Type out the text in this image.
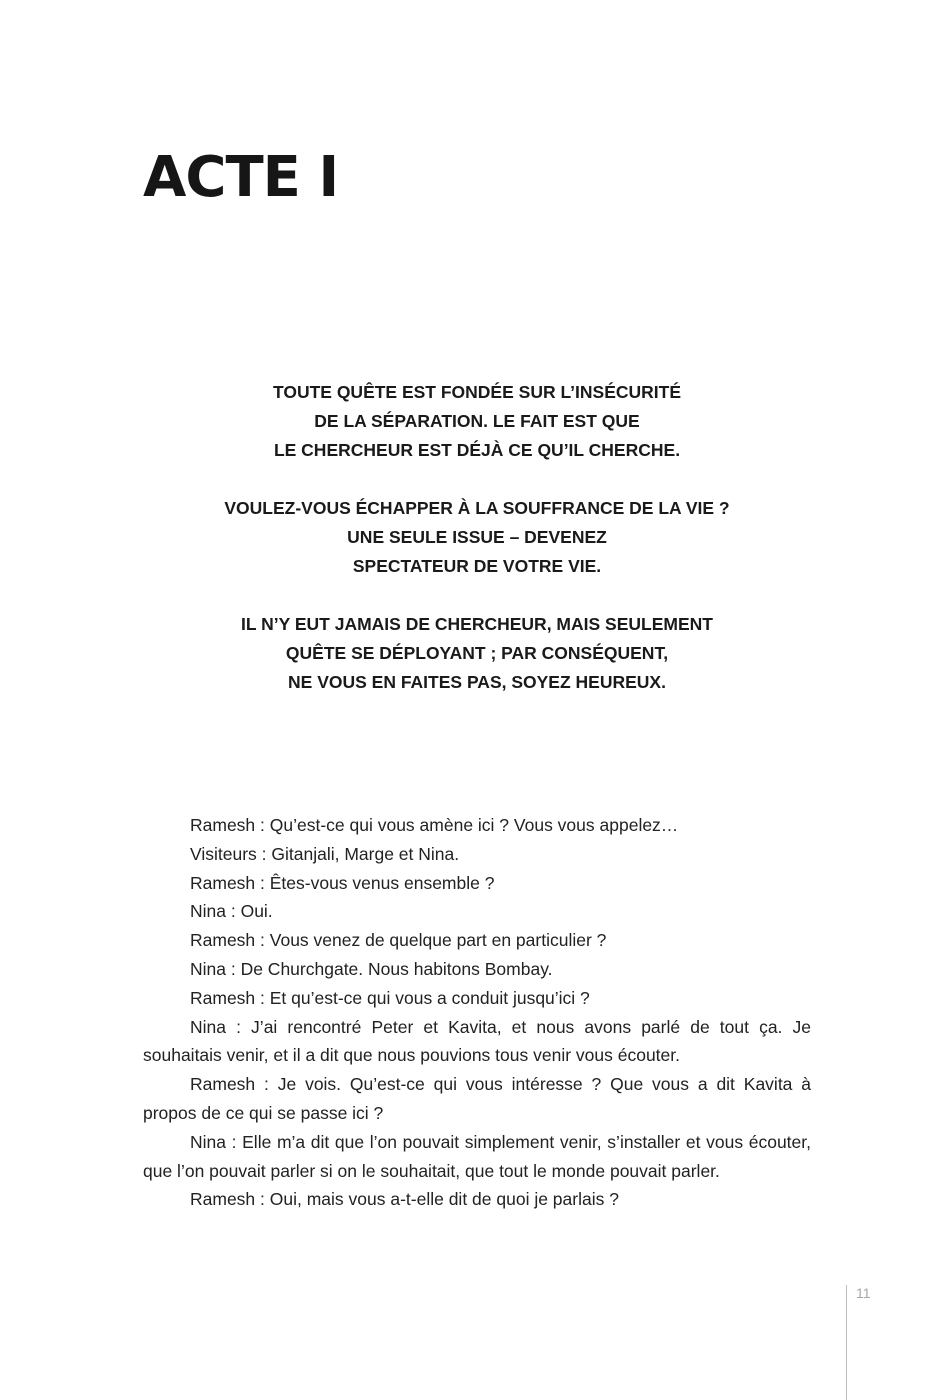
ACTE I

TOUTE QUÊTE EST FONDÉE SUR L’INSÉCURITÉ
DE LA SÉPARATION. LE FAIT EST QUE
LE CHERCHEUR EST DÉJÀ CE QU’IL CHERCHE.

VOULEZ-VOUS ÉCHAPPER À LA SOUFFRANCE DE LA VIE ?
UNE SEULE ISSUE – DEVENEZ
SPECTATEUR DE VOTRE VIE.

IL N’Y EUT JAMAIS DE CHERCHEUR, MAIS SEULEMENT
QUÊTE SE DÉPLOYANT ; PAR CONSÉQUENT,
NE VOUS EN FAITES PAS, SOYEZ HEUREUX.

Ramesh : Qu’est-ce qui vous amène ici ? Vous vous appelez…

Visiteurs : Gitanjali, Marge et Nina.

Ramesh : Êtes-vous venus ensemble ?

Nina : Oui.

Ramesh : Vous venez de quelque part en particulier ?

Nina : De Churchgate. Nous habitons Bombay.

Ramesh : Et qu’est-ce qui vous a conduit jusqu’ici ?

Nina : J’ai rencontré Peter et Kavita, et nous avons parlé de tout ça. Je souhaitais venir, et il a dit que nous pouvions tous venir vous écouter.

Ramesh : Je vois. Qu’est-ce qui vous intéresse ? Que vous a dit Kavita à propos de ce qui se passe ici ?

Nina : Elle m’a dit que l’on pouvait simplement venir, s’installer et vous écouter, que l’on pouvait parler si on le souhaitait, que tout le monde pouvait parler.

Ramesh : Oui, mais vous a-t-elle dit de quoi je parlais ?

11
